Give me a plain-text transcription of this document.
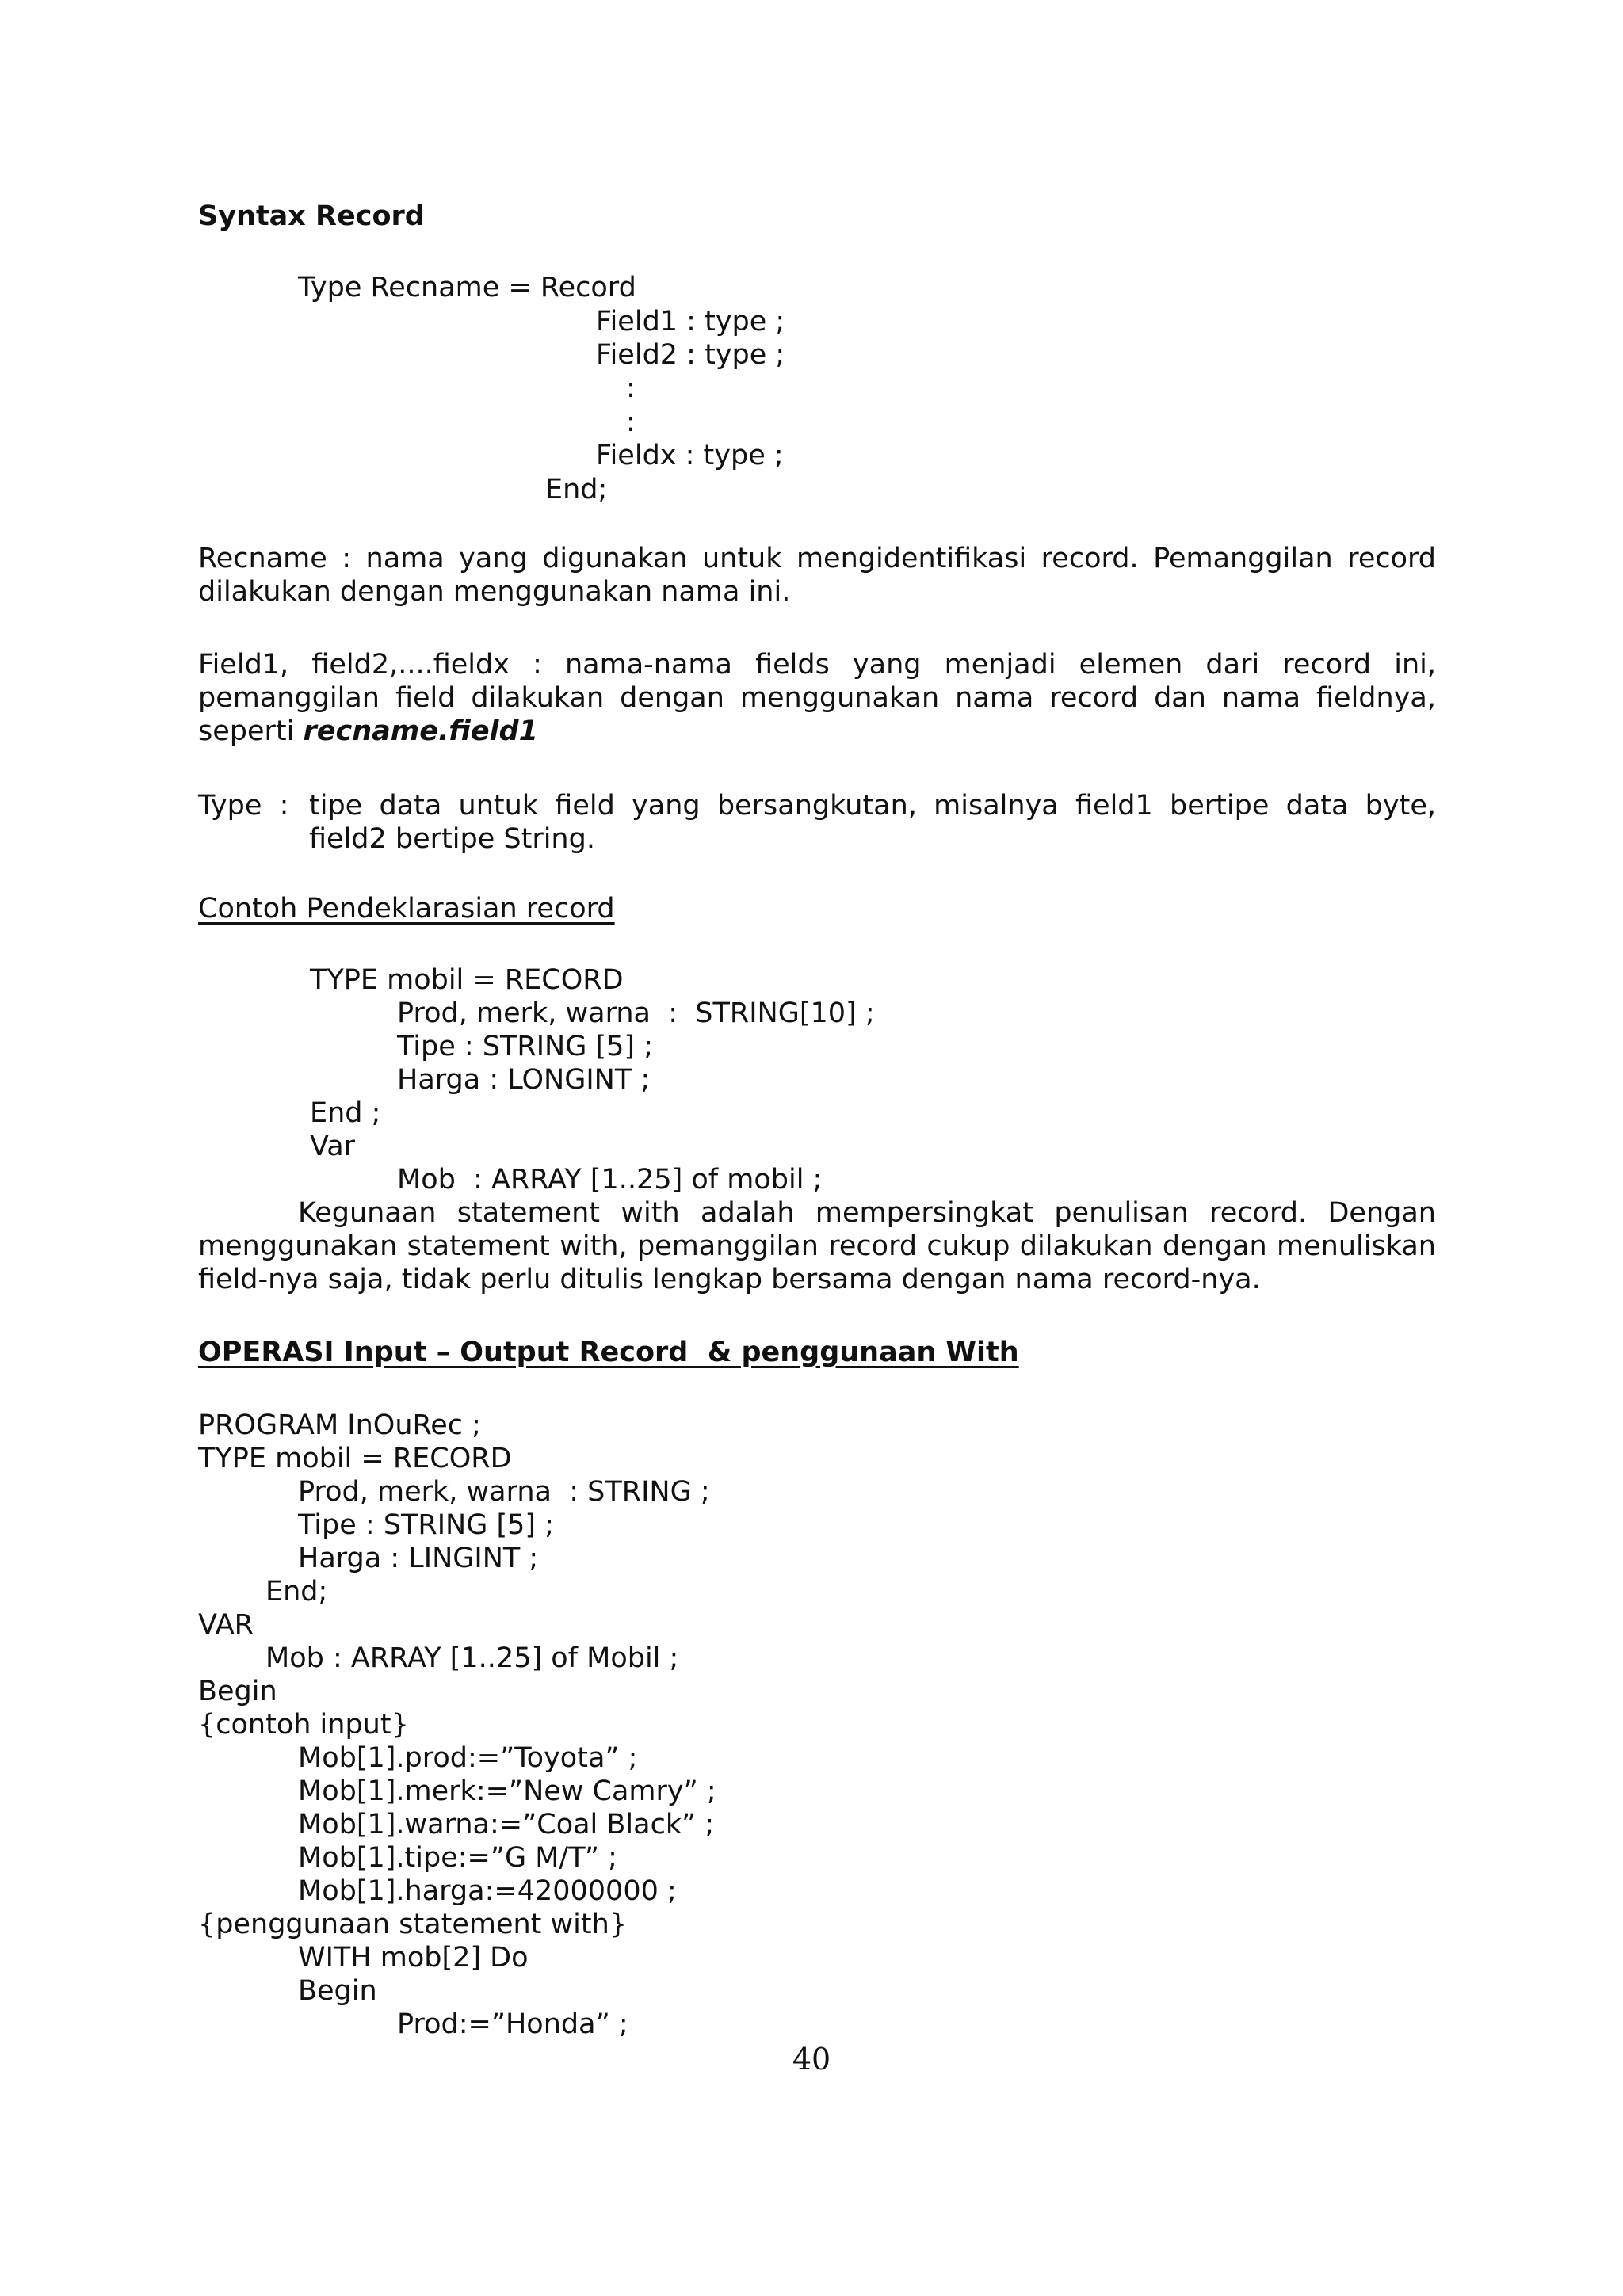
Syntax Record
Type Recname = Record
Field1 : type ;
Field2 : type ;
:
:
Fieldx : type ;
End;

Recname : nama yang digunakan untuk mengidentifikasi record. Pemanggilan record dilakukan dengan menggunakan nama ini.

Field1, field2,....fieldx : nama-nama fields yang menjadi elemen dari record ini, pemanggilan field dilakukan dengan menggunakan nama record dan nama fieldnya, seperti recname.field1

Type  : tipe data untuk field yang bersangkutan, misalnya field1 bertipe data byte, field2 bertipe String.
Contoh Pendeklarasian record
TYPE mobil = RECORD
Prod, merk, warna  :  STRING[10] ;
Tipe : STRING [5] ;
Harga : LONGINT ;
End ;
Var
Mob  : ARRAY [1..25] of mobil ;

Kegunaan statement with adalah mempersingkat penulisan record. Dengan menggunakan statement with, pemanggilan record cukup dilakukan dengan menuliskan field-nya saja, tidak perlu ditulis lengkap bersama dengan nama record-nya.

OPERASI Input – Output Record  & penggunaan With
PROGRAM InOuRec ;
TYPE mobil = RECORD
Prod, merk, warna  : STRING ;
Tipe : STRING [5] ;
Harga : LINGINT ;
End;
VAR
Mob : ARRAY [1..25] of Mobil ;
Begin
{contoh input}
Mob[1].prod:=”Toyota” ;
Mob[1].merk:=”New Camry” ;
Mob[1].warna:=”Coal Black” ;
Mob[1].tipe:=”G M/T” ;
Mob[1].harga:=42000000 ;
{penggunaan statement with}
WITH mob[2] Do
Begin
Prod:=”Honda” ;
40
